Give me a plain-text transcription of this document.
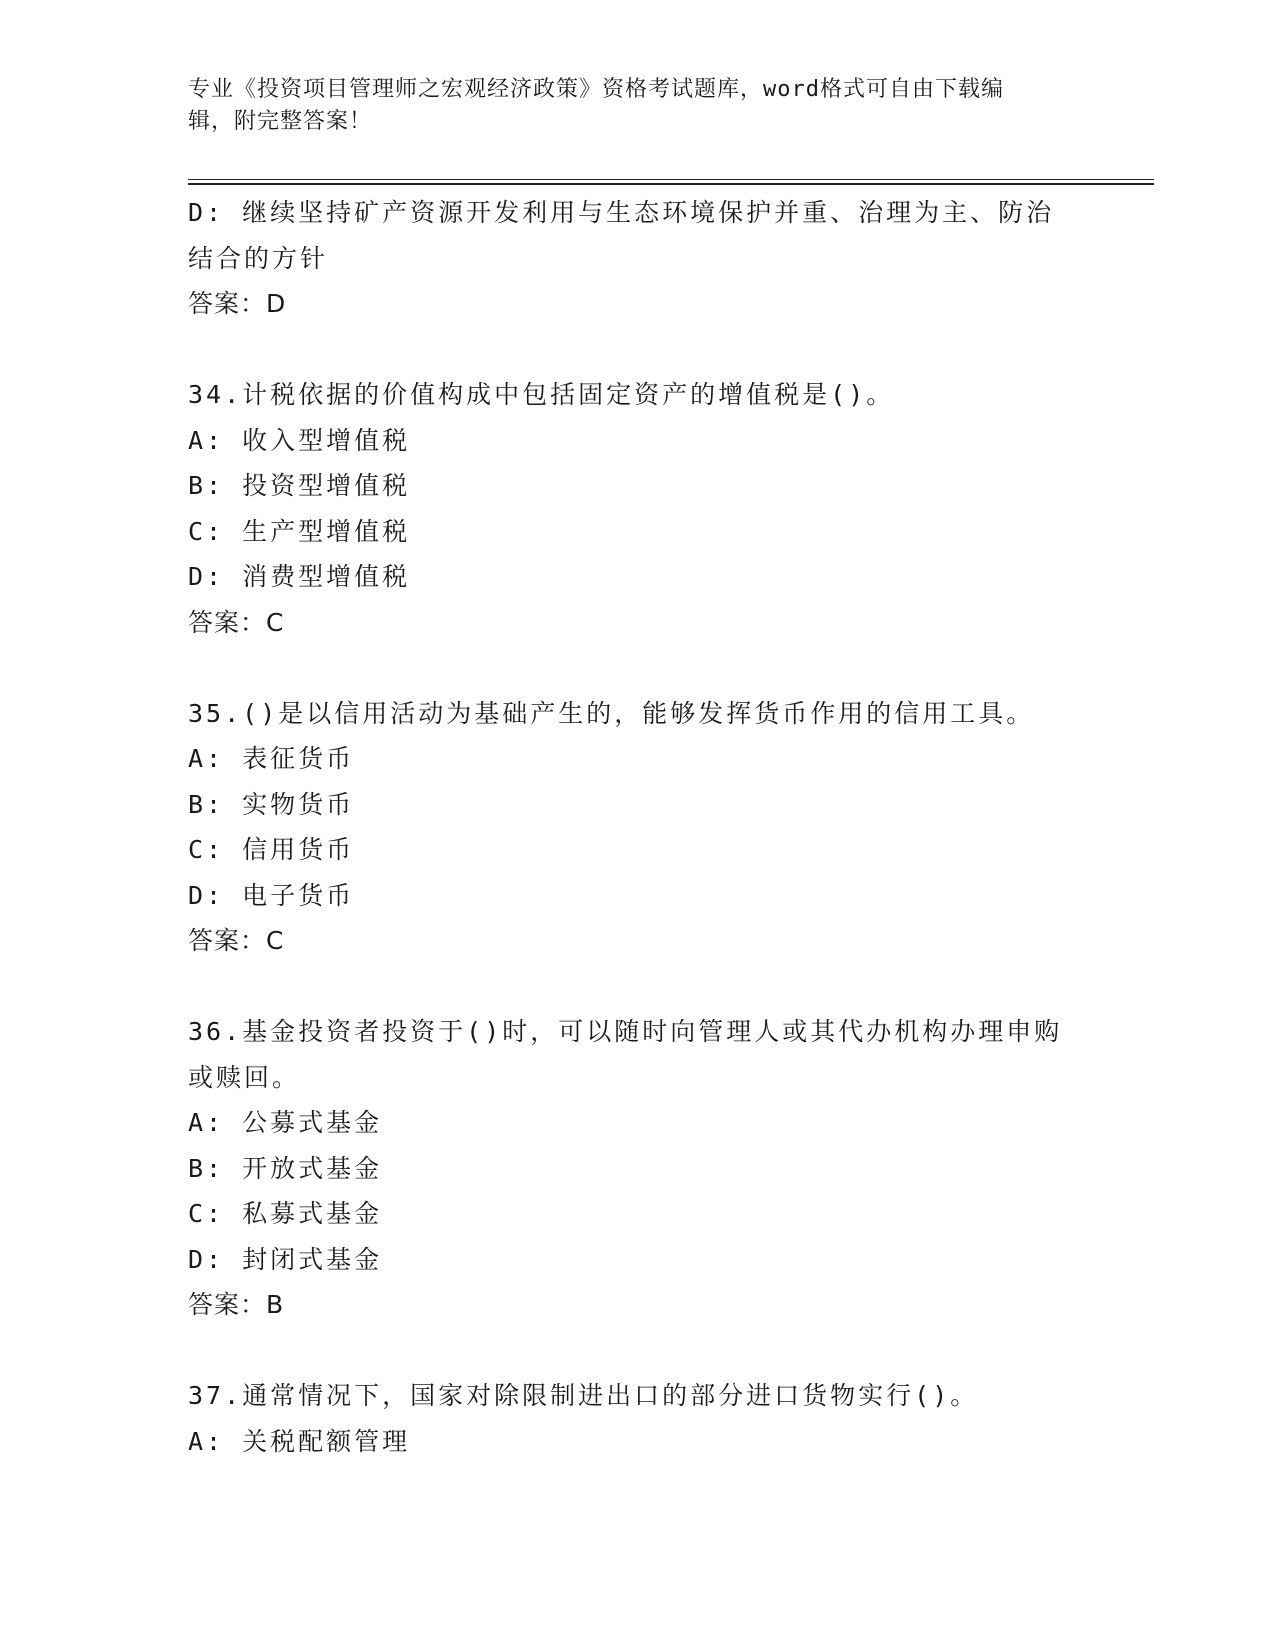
专业《投资项目管理师之宏观经济政策》资格考试题库，word格式可自由下载编
辑，附完整答案！
D: 继续坚持矿产资源开发利用与生态环境保护并重、治理为主、防治
结合的方针
答案：D
34.计税依据的价值构成中包括固定资产的增值税是()。
A: 收入型增值税
B: 投资型增值税
C: 生产型增值税
D: 消费型增值税
答案：C
35.()是以信用活动为基础产生的，能够发挥货币作用的信用工具。
A: 表征货币
B: 实物货币
C: 信用货币
D: 电子货币
答案：C
36.基金投资者投资于()时，可以随时向管理人或其代办机构办理申购
或赎回。
A: 公募式基金
B: 开放式基金
C: 私募式基金
D: 封闭式基金
答案：B
37.通常情况下，国家对除限制进出口的部分进口货物实行()。
A: 关税配额管理
